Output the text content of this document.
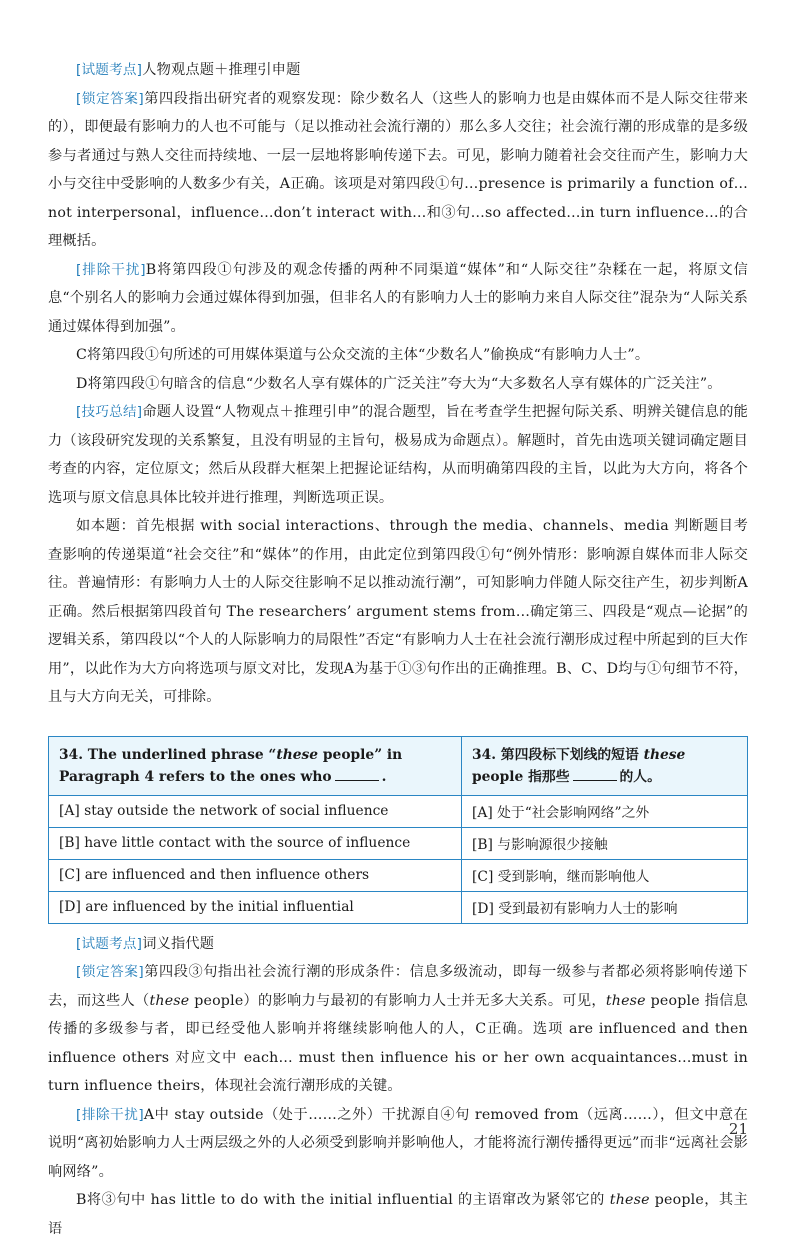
[试题考点]人物观点题＋推理引申题

[锁定答案]第四段指出研究者的观察发现：除少数名人（这些人的影响力也是由媒体而不是人际交往带来的），即便最有影响力的人也不可能与（足以推动社会流行潮的）那么多人交往；社会流行潮的形成靠的是多级参与者通过与熟人交往而持续地、一层一层地将影响传递下去。可见，影响力随着社会交往而产生，影响力大小与交往中受影响的人数多少有关，A正确。该项是对第四段①句…presence is primarily a function of…not interpersonal，influence…don’t interact with…和③句…so affected…in turn influence…的合理概括。

[排除干扰]B将第四段①句涉及的观念传播的两种不同渠道“媒体”和“人际交往”杂糅在一起，将原文信息“个别名人的影响力会通过媒体得到加强，但非名人的有影响力人士的影响力来自人际交往”混杂为“人际关系通过媒体得到加强”。

C将第四段①句所述的可用媒体渠道与公众交流的主体“少数名人”偷换成“有影响力人士”。

D将第四段①句暗含的信息“少数名人享有媒体的广泛关注”夸大为“大多数名人享有媒体的广泛关注”。

[技巧总结]命题人设置“人物观点＋推理引申”的混合题型，旨在考查学生把握句际关系、明辨关键信息的能力（该段研究发现的关系繁复，且没有明显的主旨句，极易成为命题点）。解题时，首先由选项关键词确定题目考查的内容，定位原文；然后从段群大框架上把握论证结构，从而明确第四段的主旨，以此为大方向，将各个选项与原文信息具体比较并进行推理，判断选项正误。

如本题：首先根据 with social interactions、through the media、channels、media 判断题目考查影响的传递渠道“社会交往”和“媒体”的作用，由此定位到第四段①句“例外情形：影响源自媒体而非人际交往。普遍情形：有影响力人士的人际交往影响不足以推动流行潮”，可知影响力伴随人际交往产生，初步判断A正确。然后根据第四段首句 The researchers’ argument stems from…确定第三、四段是“观点—论据”的逻辑关系，第四段以“个人的人际影响力的局限性”否定“有影响力人士在社会流行潮形成过程中所起到的巨大作用”，以此作为大方向将选项与原文对比，发现A为基于①③句作出的正确推理。B、C、D均与①句细节不符，且与大方向无关，可排除。

34. The underlined phrase “these people” in Paragraph 4 refers to the ones who .	34. 第四段标下划线的短语 these people 指那些 的人。
[A] stay outside the network of social influence	[A] 处于“社会影响网络”之外
[B] have little contact with the source of influence	[B] 与影响源很少接触
[C] are influenced and then influence others	[C] 受到影响，继而影响他人
[D] are influenced by the initial influential	[D] 受到最初有影响力人士的影响

[试题考点]词义指代题

[锁定答案]第四段③句指出社会流行潮的形成条件：信息多级流动，即每一级参与者都必须将影响传递下去，而这些人（these people）的影响力与最初的有影响力人士并无多大关系。可见，these people 指信息传播的多级参与者，即已经受他人影响并将继续影响他人的人，C正确。选项 are influenced and then influence others 对应文中 each… must then influence his or her own acquaintances…must in turn influence theirs，体现社会流行潮形成的关键。

[排除干扰]A中 stay outside（处于……之外）干扰源自④句 removed from（远离……），但文中意在说明“离初始影响力人士两层级之外的人必须受到影响并影响他人，才能将流行潮传播得更远”而非“远离社会影响网络”。

B将③句中 has little to do with the initial influential 的主语窜改为紧邻它的 these people，其主语

21
